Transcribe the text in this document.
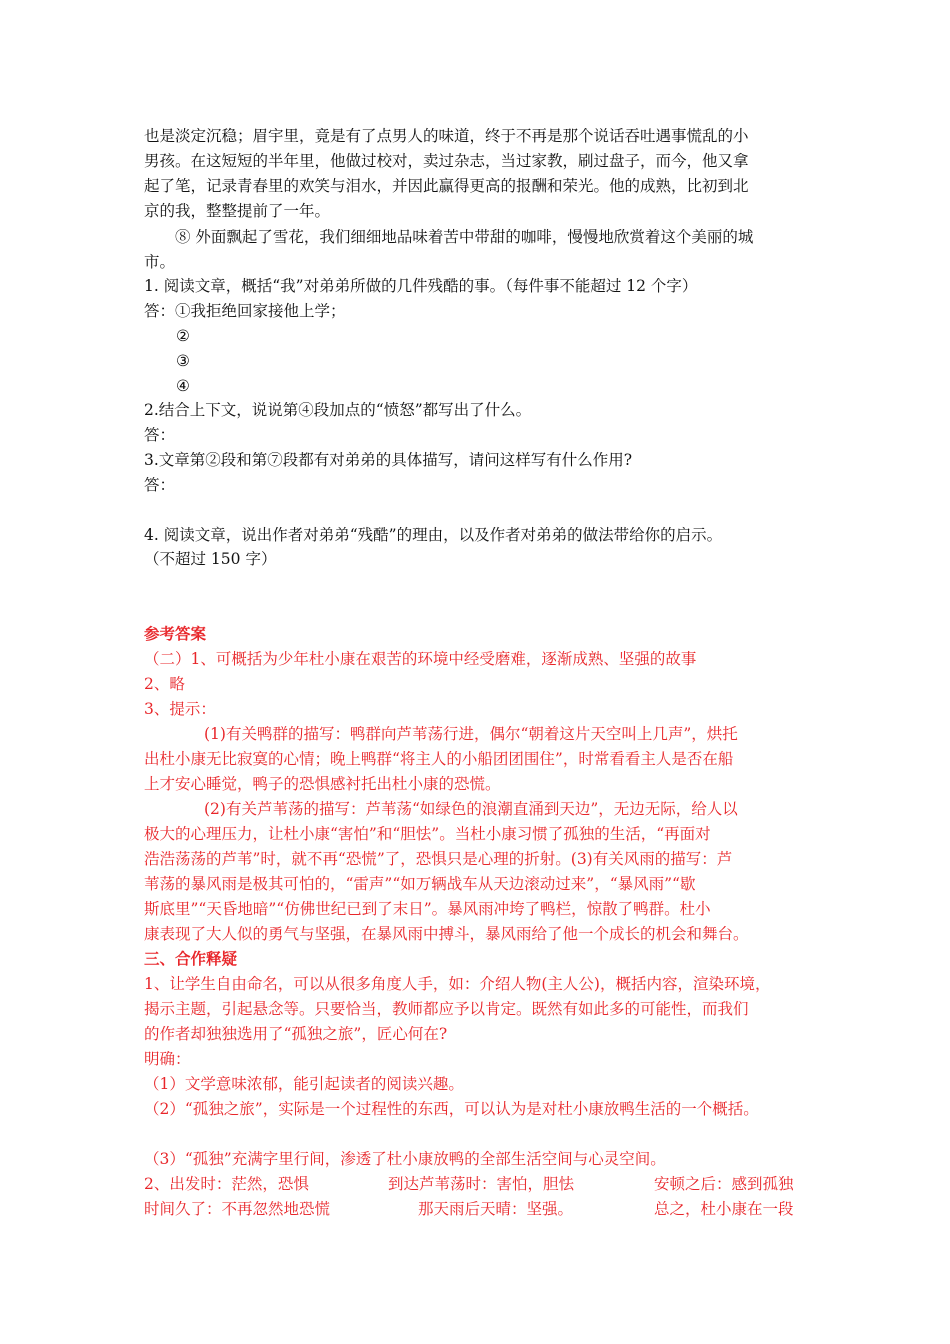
也是淡定沉稳；眉宇里，竟是有了点男人的味道，终于不再是那个说话吞吐遇事慌乱的小
男孩。在这短短的半年里，他做过校对，卖过杂志，当过家教，刷过盘子，而今，他又拿
起了笔，记录青春里的欢笑与泪水，并因此赢得更高的报酬和荣光。他的成熟，比初到北
京的我，整整提前了一年。
⑧ 外面飘起了雪花，我们细细地品味着苦中带甜的咖啡，慢慢地欣赏着这个美丽的城
市。
1. 阅读文章，概括“我”对弟弟所做的几件残酷的事。（每件事不能超过 12 个字）
答：①我拒绝回家接他上学；
②
③
④
2.结合上下文，说说第④段加点的“愤怒”都写出了什么。
答：
3.文章第②段和第⑦段都有对弟弟的具体描写，请问这样写有什么作用?
答：
4. 阅读文章，说出作者对弟弟“残酷”的理由，以及作者对弟弟的做法带给你的启示。
（不超过 150 字）
参考答案
（二）1、可概括为少年杜小康在艰苦的环境中经受磨难，逐渐成熟、坚强的故事
2、略
3、提示：
(1)有关鸭群的描写：鸭群向芦苇荡行进，偶尔“朝着这片天空叫上几声”，烘托
出杜小康无比寂寞的心情；晚上鸭群“将主人的小船团团围住”，时常看看主人是否在船
上才安心睡觉，鸭子的恐惧感衬托出杜小康的恐慌。
(2)有关芦苇荡的描写：芦苇荡“如绿色的浪潮直涌到天边”，无边无际，给人以
极大的心理压力，让杜小康“害怕”和“胆怯”。当杜小康习惯了孤独的生活，“再面对
浩浩荡荡的芦苇”时，就不再“恐慌”了，恐惧只是心理的折射。(3)有关风雨的描写：芦
苇荡的暴风雨是极其可怕的，“雷声”“如万辆战车从天边滚动过来”，“暴风雨”“歇
斯底里”“天昏地暗”“仿佛世纪已到了末日”。暴风雨冲垮了鸭栏，惊散了鸭群。杜小
康表现了大人似的勇气与坚强，在暴风雨中搏斗，暴风雨给了他一个成长的机会和舞台。
三、合作释疑
1、让学生自由命名，可以从很多角度人手，如：介绍人物(主人公)，概括内容，渲染环境，
揭示主题，引起悬念等。只要恰当，教师都应予以肯定。既然有如此多的可能性，而我们
的作者却独独选用了“孤独之旅”，匠心何在?
明确：
（1）文学意味浓郁，能引起读者的阅读兴趣。
（2）“孤独之旅”，实际是一个过程性的东西，可以认为是对杜小康放鸭生活的一个概括。
（3）“孤独”充满字里行间，渗透了杜小康放鸭的全部生活空间与心灵空间。
2、出发时：茫然，恐惧	到达芦苇荡时：害怕，胆怯	安顿之后：感到孤独
时间久了：不再忽然地恐慌	那天雨后天晴：坚强。	总之，杜小康在一段
